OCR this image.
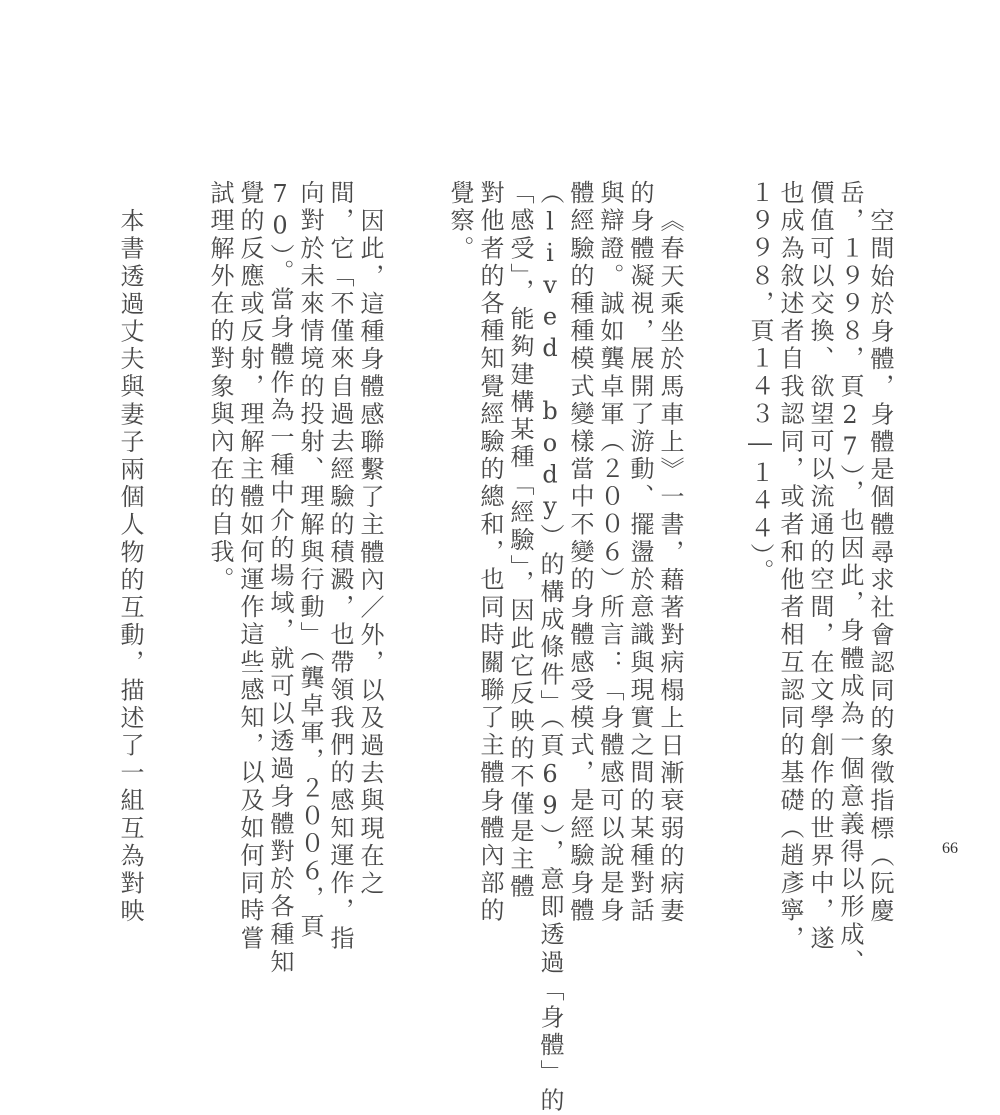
空間始於身體，身體是個體尋求社會認同的象徵指標（阮慶

岳，１９９８，頁27），也因此，身體成為一個意義得以形成、

價值可以交換、欲望可以流通的空間，在文學創作的世界中，遂

也成為敘述者自我認同，或者和他者相互認同的基礎（趙彥寧，

１９９８，頁１４３―１４４）。

《春天乘坐於馬車上》一書，藉著對病榻上日漸衰弱的病妻

的身體凝視，展開了游動、擺盪於意識與現實之間的某種對話

與辯證。誠如龔卓軍（２００６）所言：「身體感可以說是身

體經驗的種種模式變樣當中不變的身體感受模式，是經驗身體

（lived body）的構成條件」（頁69），意即透過「身體」的

「感受」，能夠建構某種「經驗」，因此它反映的不僅是主體

對他者的各種知覺經驗的總和，也同時關聯了主體身體內部的

覺察。

因此，這種身體感聯繫了主體內／外，以及過去與現在之

間，它「不僅來自過去經驗的積澱，也帶領我們的感知運作，指

向對於未來情境的投射、理解與行動」（龔卓軍，２００６，頁

70）。當身體作為一種中介的場域，就可以透過身體對於各種知

覺的反應或反射，理解主體如何運作這些感知，以及如何同時嘗

試理解外在的對象與內在的自我。

本書透過丈夫與妻子兩個人物的互動，描述了一組互為對映	66
